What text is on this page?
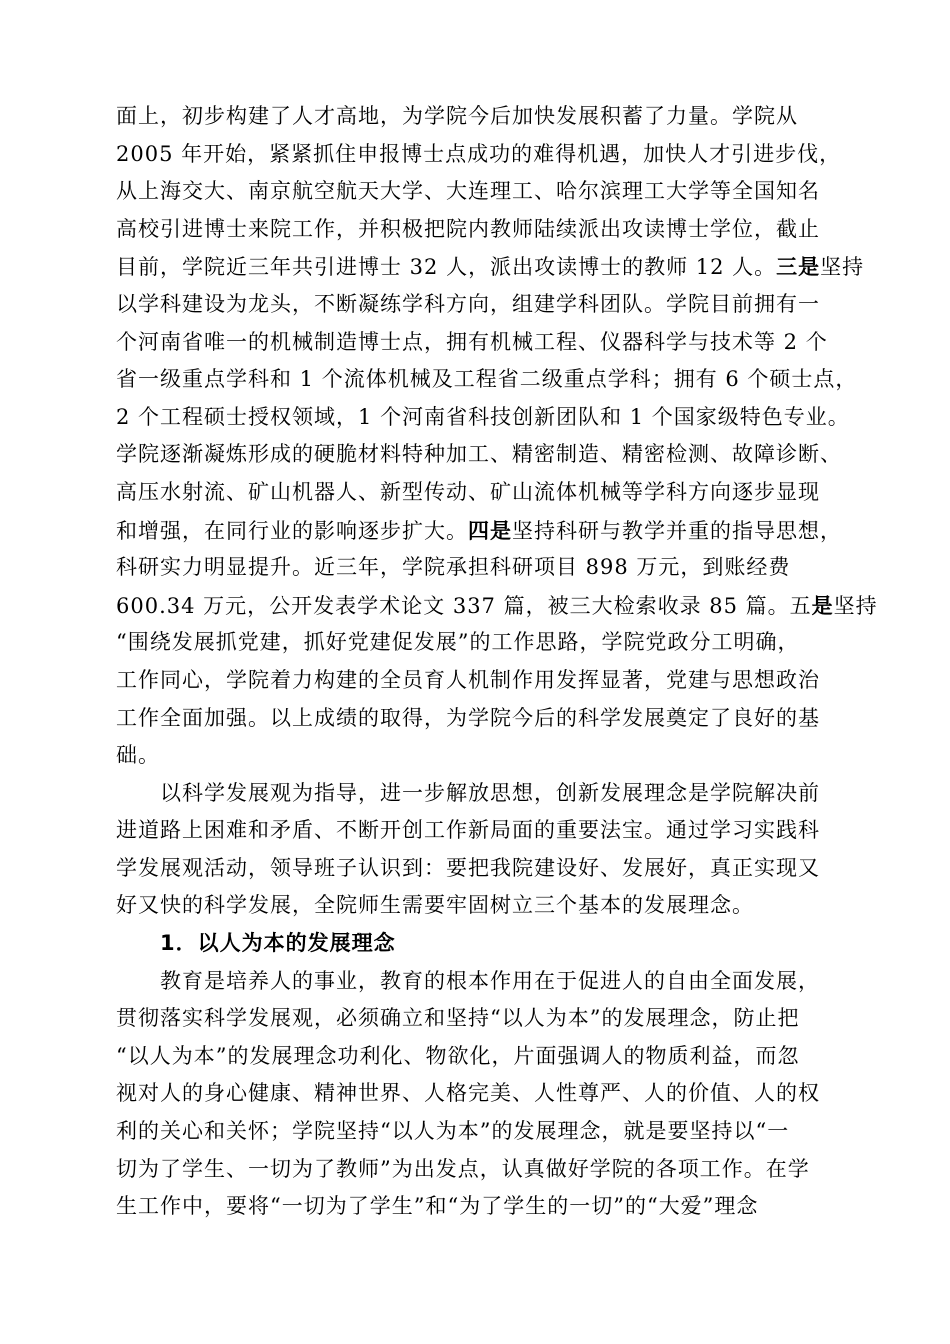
面上，初步构建了人才高地，为学院今后加快发展积蓄了力量。学院从
2005 年开始，紧紧抓住申报博士点成功的难得机遇，加快人才引进步伐，
从上海交大、南京航空航天大学、大连理工、哈尔滨理工大学等全国知名
高校引进博士来院工作，并积极把院内教师陆续派出攻读博士学位，截止
目前，学院近三年共引进博士 32 人，派出攻读博士的教师 12 人。三是坚持
以学科建设为龙头，不断凝练学科方向，组建学科团队。学院目前拥有一
个河南省唯一的机械制造博士点，拥有机械工程、仪器科学与技术等 2 个
省一级重点学科和 1 个流体机械及工程省二级重点学科；拥有 6 个硕士点，
2 个工程硕士授权领域，1 个河南省科技创新团队和 1 个国家级特色专业。
学院逐渐凝炼形成的硬脆材料特种加工、精密制造、精密检测、故障诊断、
高压水射流、矿山机器人、新型传动、矿山流体机械等学科方向逐步显现
和增强，在同行业的影响逐步扩大。四是坚持科研与教学并重的指导思想，
科研实力明显提升。近三年，学院承担科研项目 898 万元，到账经费
600.34 万元，公开发表学术论文 337 篇，被三大检索收录 85 篇。五是坚持
“围绕发展抓党建，抓好党建促发展”的工作思路，学院党政分工明确，
工作同心，学院着力构建的全员育人机制作用发挥显著，党建与思想政治
工作全面加强。以上成绩的取得，为学院今后的科学发展奠定了良好的基
础。
以科学发展观为指导，进一步解放思想，创新发展理念是学院解决前
进道路上困难和矛盾、不断开创工作新局面的重要法宝。通过学习实践科
学发展观活动，领导班子认识到：要把我院建设好、发展好，真正实现又
好又快的科学发展，全院师生需要牢固树立三个基本的发展理念。
1．以人为本的发展理念
教育是培养人的事业，教育的根本作用在于促进人的自由全面发展，
贯彻落实科学发展观，必须确立和坚持“以人为本”的发展理念，防止把
“以人为本”的发展理念功利化、物欲化，片面强调人的物质利益，而忽
视对人的身心健康、精神世界、人格完美、人性尊严、人的价值、人的权
利的关心和关怀；学院坚持“以人为本”的发展理念，就是要坚持以“一
切为了学生、一切为了教师”为出发点，认真做好学院的各项工作。在学
生工作中，要将“一切为了学生”和“为了学生的一切”的“大爱”理念
